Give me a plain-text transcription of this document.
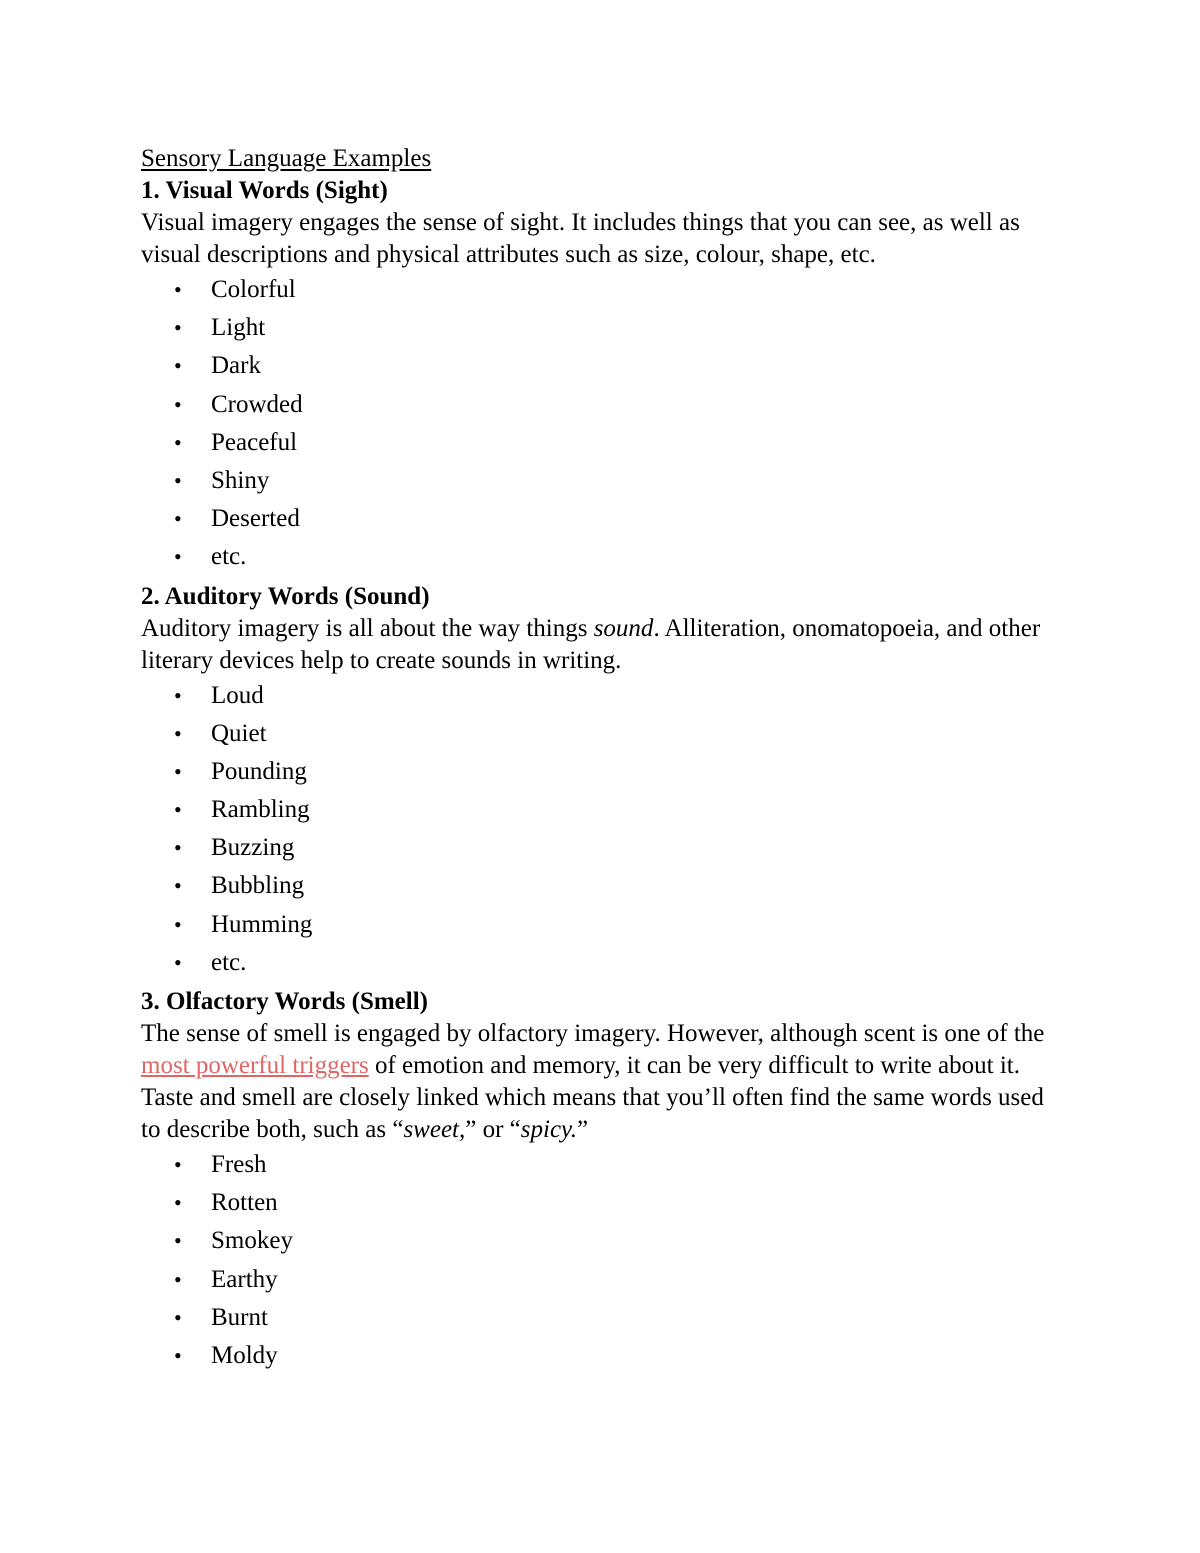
Sensory Language Examples
1. Visual Words (Sight)

Visual imagery engages the sense of sight. It includes things that you can see, as well as visual descriptions and physical attributes such as size, colour, shape, etc.

• Colorful
• Light
• Dark
• Crowded
• Peaceful
• Shiny
• Deserted
• etc.
2. Auditory Words (Sound)

Auditory imagery is all about the way things sound. Alliteration, onomatopoeia, and other literary devices help to create sounds in writing.

• Loud
• Quiet
• Pounding
• Rambling
• Buzzing
• Bubbling
• Humming
• etc.
3. Olfactory Words (Smell)

The sense of smell is engaged by olfactory imagery. However, although scent is one of the most powerful triggers of emotion and memory, it can be very difficult to write about it.

Taste and smell are closely linked which means that you’ll often find the same words used to describe both, such as “sweet,” or “spicy.”

• Fresh
• Rotten
• Smokey
• Earthy
• Burnt
• Moldy
